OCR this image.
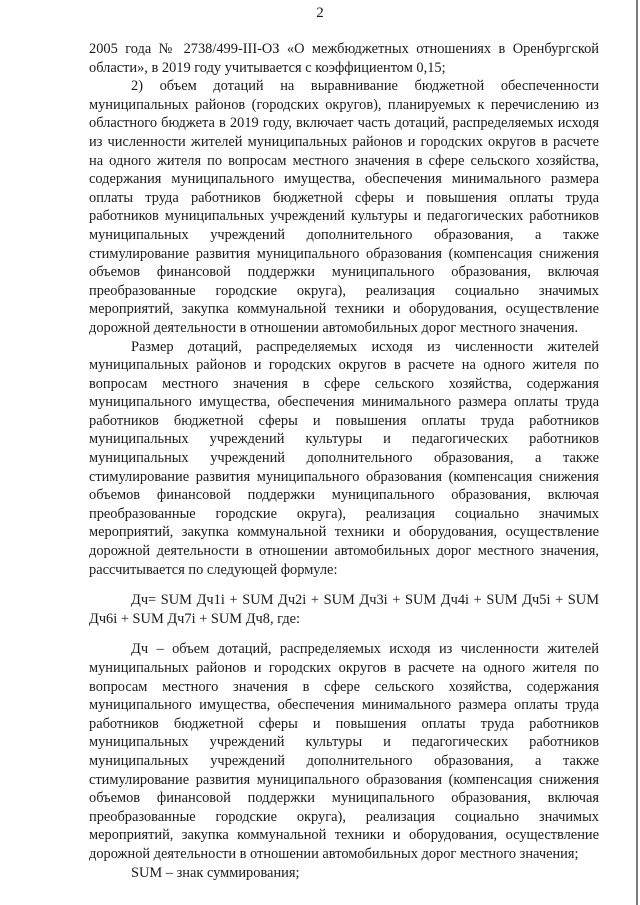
2

2005 года № 2738/499-III-ОЗ «О межбюджетных отношениях в Оренбургской области», в 2019 году учитывается с коэффициентом 0,15;

2) объем дотаций на выравнивание бюджетной обеспеченности муниципальных районов (городских округов), планируемых к перечислению из областного бюджета в 2019 году, включает часть дотаций, распределяемых исходя из численности жителей муниципальных районов и городских округов в расчете на одного жителя по вопросам местного значения в сфере сельского хозяйства, содержания муниципального имущества, обеспечения минимального размера оплаты труда работников бюджетной сферы и повышения оплаты труда работников муниципальных учреждений культуры и педагогических работников муниципальных учреждений дополнительного образования, а также стимулирование развития муниципального образования (компенсация снижения объемов финансовой поддержки муниципального образования, включая преобразованные городские округа), реализация социально значимых мероприятий, закупка коммунальной техники и оборудования, осуществление дорожной деятельности в отношении автомобильных дорог местного значения.

Размер дотаций, распределяемых исходя из численности жителей муниципальных районов и городских округов в расчете на одного жителя по вопросам местного значения в сфере сельского хозяйства, содержания муниципального имущества, обеспечения минимального размера оплаты труда работников бюджетной сферы и повышения оплаты труда работников муниципальных учреждений культуры и педагогических работников муниципальных учреждений дополнительного образования, а также стимулирование развития муниципального образования (компенсация снижения объемов финансовой поддержки муниципального образования, включая преобразованные городские округа), реализация социально значимых мероприятий, закупка коммунальной техники и оборудования, осуществление дорожной деятельности в отношении автомобильных дорог местного значения, рассчитывается по следующей формуле:

Дч= SUM Дч1i + SUM Дч2i + SUM Дч3i + SUM Дч4i + SUM Дч5i + SUM Дч6i + SUM Дч7i + SUM Дч8, где:

Дч – объем дотаций, распределяемых исходя из численности жителей муниципальных районов и городских округов в расчете на одного жителя по вопросам местного значения в сфере сельского хозяйства, содержания муниципального имущества, обеспечения минимального размера оплаты труда работников бюджетной сферы и повышения оплаты труда работников муниципальных учреждений культуры и педагогических работников муниципальных учреждений дополнительного образования, а также стимулирование развития муниципального образования (компенсация снижения объемов финансовой поддержки муниципального образования, включая преобразованные городские округа), реализация социально значимых мероприятий, закупка коммунальной техники и оборудования, осуществление дорожной деятельности в отношении автомобильных дорог местного значения;

SUM – знак суммирования;
